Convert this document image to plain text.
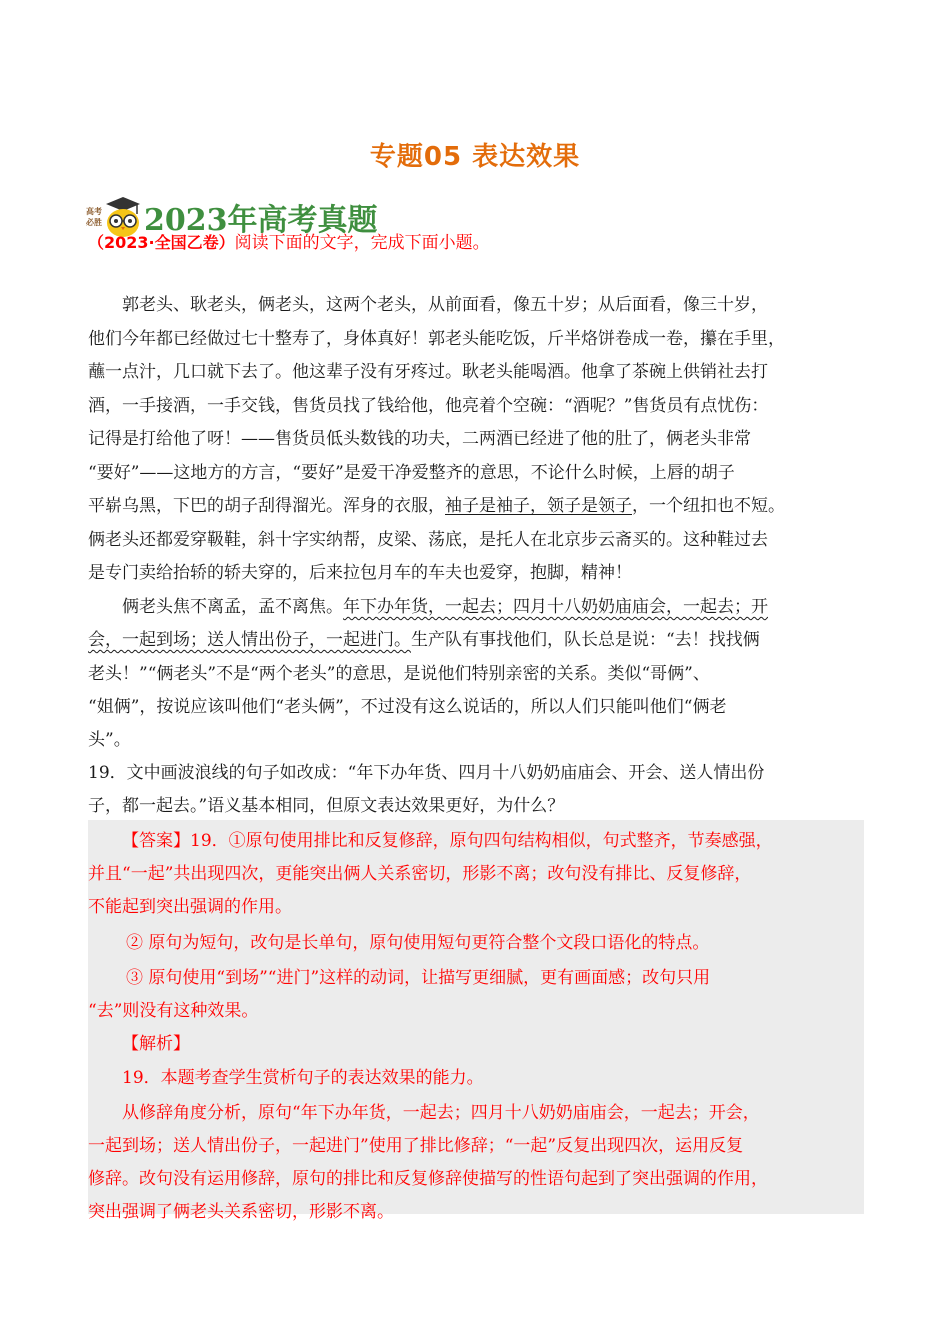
专题05 表达效果
高考必胜 2023年高考真题
（2023·全国乙卷）阅读下面的文字，完成下面小题。
郭老头、耿老头，俩老头，这两个老头，从前面看，像五十岁；从后面看，像三十岁，
他们今年都已经做过七十整寿了，身体真好！郭老头能吃饭，斤半烙饼卷成一卷，攥在手里，
蘸一点汁，几口就下去了。他这辈子没有牙疼过。耿老头能喝酒。他拿了茶碗上供销社去打
酒，一手接酒，一手交钱，售货员找了钱给他，他亮着个空碗：“酒呢？”售货员有点忧伤：
记得是打给他了呀！——售货员低头数钱的功夫，二两酒已经进了他的肚了，俩老头非常
“要好”——这地方的方言，“要好”是爱干净爱整齐的意思，不论什么时候，上唇的胡子
平崭乌黑，下巴的胡子刮得溜光。浑身的衣服，袖子是袖子，领子是领子，一个纽扣也不短。
俩老头还都爱穿靸鞋，斜十字实纳帮，皮梁、荡底，是托人在北京步云斋买的。这种鞋过去
是专门卖给抬轿的轿夫穿的，后来拉包月车的车夫也爱穿，抱脚，精神！
俩老头焦不离孟，孟不离焦。年下办年货，一起去；四月十八奶奶庙庙会，一起去；开
会，一起到场；送人情出份子，一起进门。生产队有事找他们，队长总是说：“去！找找俩
老头！”“俩老头”不是“两个老头”的意思，是说他们特别亲密的关系。类似“哥俩”、
“姐俩”，按说应该叫他们“老头俩”，不过没有这么说话的，所以人们只能叫他们“俩老
头”。
19．文中画波浪线的句子如改成：“年下办年货、四月十八奶奶庙庙会、开会、送人情出份
子，都一起去。”语义基本相同，但原文表达效果更好，为什么？
【答案】19．①原句使用排比和反复修辞，原句四句结构相似，句式整齐，节奏感强，
并且“一起”共出现四次，更能突出俩人关系密切，形影不离；改句没有排比、反复修辞，
不能起到突出强调的作用。
② 原句为短句，改句是长单句，原句使用短句更符合整个文段口语化的特点。
③ 原句使用“到场”“进门”这样的动词，让描写更细腻，更有画面感；改句只用
“去”则没有这种效果。
【解析】
19．本题考查学生赏析句子的表达效果的能力。
从修辞角度分析，原句“年下办年货，一起去；四月十八奶奶庙庙会，一起去；开会，
一起到场；送人情出份子，一起进门”使用了排比修辞；“一起”反复出现四次，运用反复
修辞。改句没有运用修辞，原句的排比和反复修辞使描写的性语句起到了突出强调的作用，
突出强调了俩老头关系密切，形影不离。
